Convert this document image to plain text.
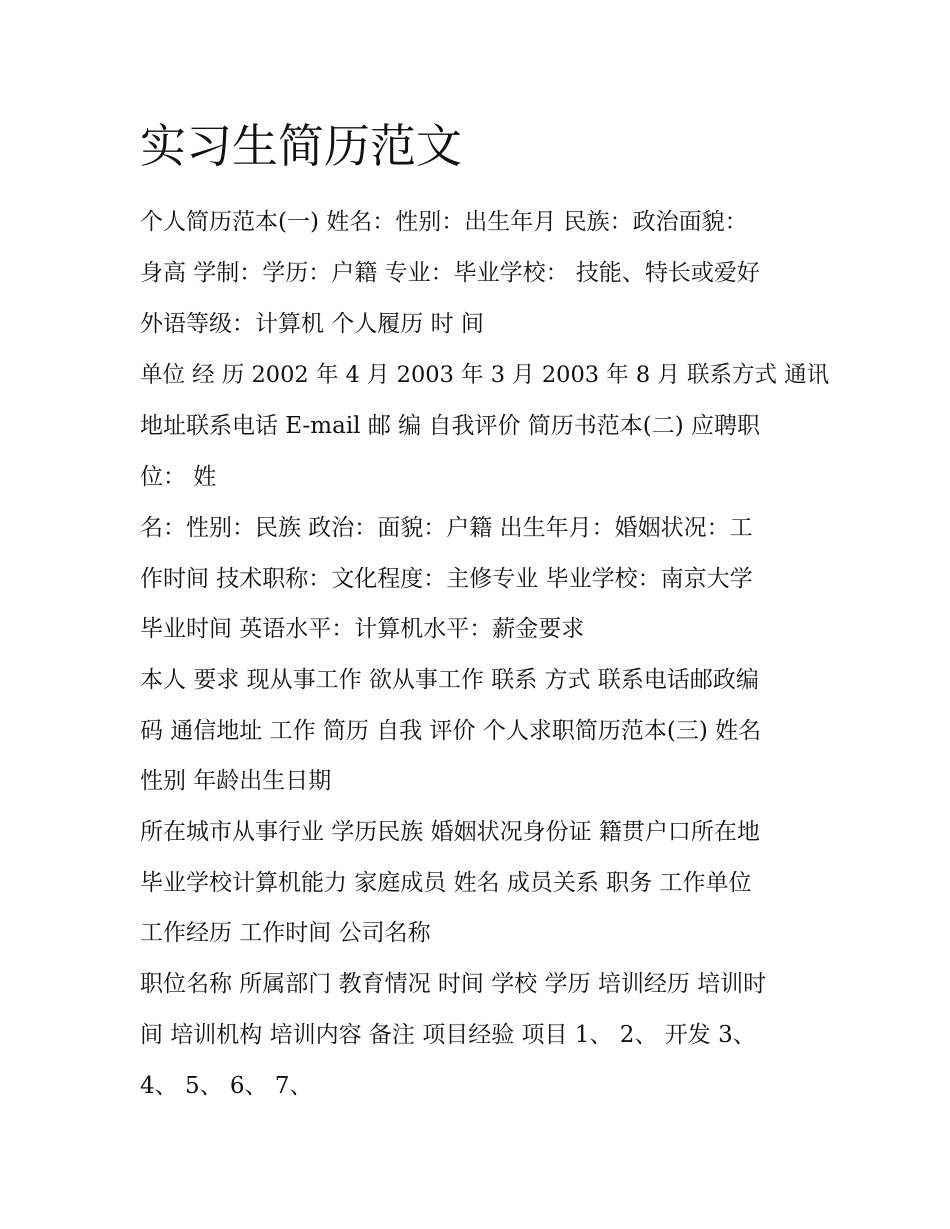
实习生简历范文

个人简历范本(一) 姓名：性别：出生年月 民族：政治面貌：

身高 学制：学历：户籍 专业：毕业学校： 技能、特长或爱好

外语等级：计算机 个人履历 时 间

单位 经 历 2002 年 4 月 2003 年 3 月 2003 年 8 月 联系方式 通讯

地址联系电话 E-mail 邮 编 自我评价 简历书范本(二) 应聘职

位： 姓

名：性别：民族 政治：面貌：户籍 出生年月：婚姻状况：工

作时间 技术职称：文化程度：主修专业 毕业学校：南京大学

毕业时间 英语水平：计算机水平：薪金要求

本人 要求 现从事工作 欲从事工作 联系 方式 联系电话邮政编

码 通信地址 工作 简历 自我 评价 个人求职简历范本(三) 姓名

性别 年龄出生日期

所在城市从事行业 学历民族 婚姻状况身份证 籍贯户口所在地

毕业学校计算机能力 家庭成员 姓名 成员关系 职务 工作单位

工作经历 工作时间 公司名称

职位名称 所属部门 教育情况 时间 学校 学历 培训经历 培训时

间 培训机构 培训内容 备注 项目经验 项目 1、 2、 开发 3、

4、 5、 6、 7、
